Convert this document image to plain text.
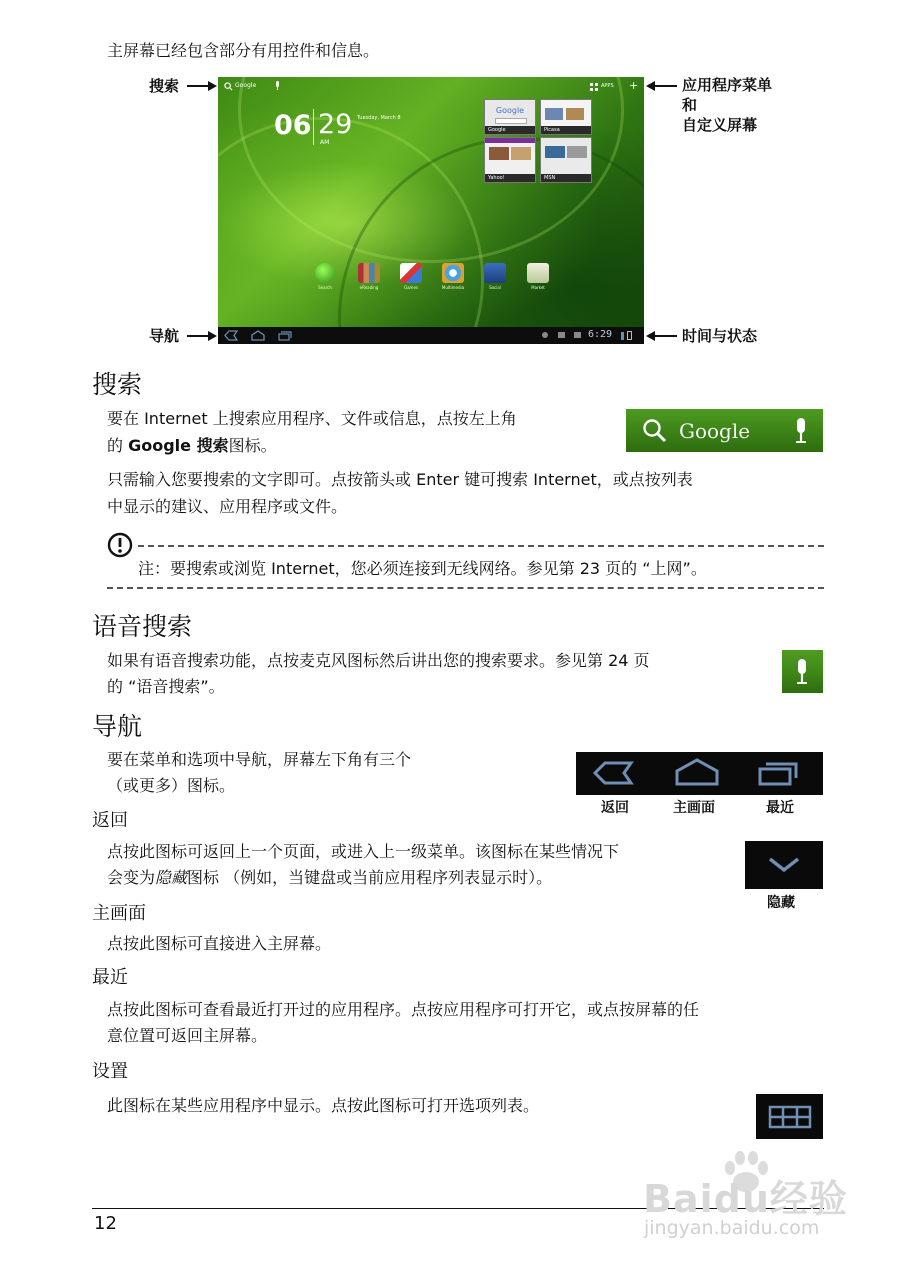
主屏幕已经包含部分有用控件和信息。
搜索
导航
应用程序菜单
和
自定义屏幕
时间与状态
Google	APPS +
06 29
AM
Tuesday, March 8
Google
Google	Picasa
Yahoo!	MSN
Search	eReading	Games	Multimedia	Social	Market
6:29
搜索
要在 Internet 上搜索应用程序、文件或信息，点按左上角
的 Google 搜索图标。
Google
只需输入您要搜索的文字即可。点按箭头或 Enter 键可搜索 Internet，或点按列表
中显示的建议、应用程序或文件。
注：要搜索或浏览 Internet，您必须连接到无线网络。参见第 23 页的 “上网”。
语音搜索
如果有语音搜索功能，点按麦克风图标然后讲出您的搜索要求。参见第 24 页
的 “语音搜索”。
导航
要在菜单和选项中导航，屏幕左下角有三个
（或更多）图标。
返回	主画面	最近
返回
点按此图标可返回上一个页面，或进入上一级菜单。该图标在某些情况下
会变为隐藏图标 （例如，当键盘或当前应用程序列表显示时）。
隐藏
主画面
点按此图标可直接进入主屏幕。
最近
点按此图标可查看最近打开过的应用程序。点按应用程序可打开它，或点按屏幕的任
意位置可返回主屏幕。
设置
此图标在某些应用程序中显示。点按此图标可打开选项列表。
12
Baidu经验
jingyan.baidu.com
